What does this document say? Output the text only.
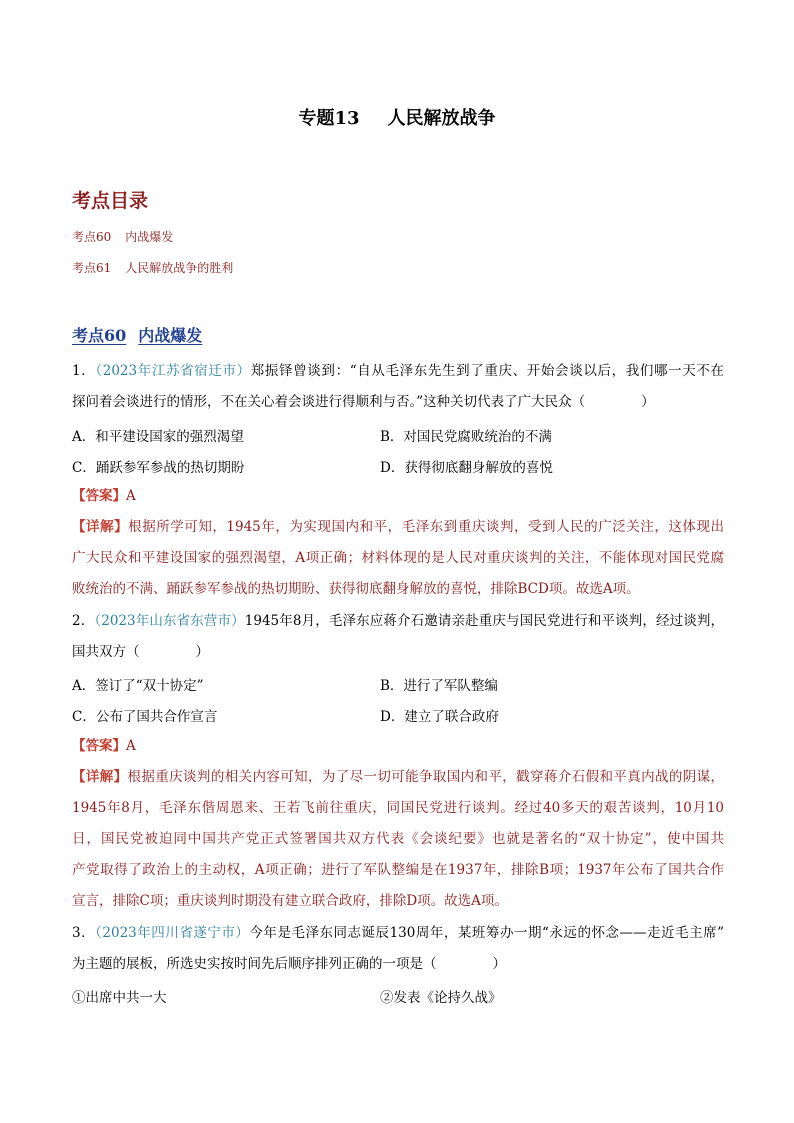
专题13 人民解放战争
考点目录
考点60 内战爆发
考点61 人民解放战争的胜利
考点60 内战爆发
1．（2023年江苏省宿迁市）郑振铎曾谈到：“自从毛泽东先生到了重庆、开始会谈以后，我们哪一天不在
探问着会谈进行的情形，不在关心着会谈进行得顺利与否。”这种关切代表了广大民众（	）
A．和平建设国家的强烈渴望	B．对国民党腐败统治的不满
C．踊跃参军参战的热切期盼	D．获得彻底翻身解放的喜悦
【答案】A
【详解】根据所学可知，1945年，为实现国内和平，毛泽东到重庆谈判，受到人民的广泛关注，这体现出
广大民众和平建设国家的强烈渴望，A项正确；材料体现的是人民对重庆谈判的关注，不能体现对国民党腐
败统治的不满、踊跃参军参战的热切期盼、获得彻底翻身解放的喜悦，排除BCD项。故选A项。
2．（2023年山东省东营市）1945年8月，毛泽东应蒋介石邀请亲赴重庆与国民党进行和平谈判，经过谈判，
国共双方（	）
A．签订了“双十协定”	B．进行了军队整编
C．公布了国共合作宣言	D．建立了联合政府
【答案】A
【详解】根据重庆谈判的相关内容可知，为了尽一切可能争取国内和平，戳穿蒋介石假和平真内战的阴谋，
1945年8月，毛泽东偕周恩来、王若飞前往重庆，同国民党进行谈判。经过40多天的艰苦谈判，10月10
日，国民党被迫同中国共产党正式签署国共双方代表《会谈纪要》也就是著名的“双十协定”，使中国共
产党取得了政治上的主动权，A项正确；进行了军队整编是在1937年，排除B项；1937年公布了国共合作
宣言，排除C项；重庆谈判时期没有建立联合政府，排除D项。故选A项。
3．（2023年四川省遂宁市）今年是毛泽东同志诞辰130周年，某班筹办一期“永远的怀念——走近毛主席”
为主题的展板，所选史实按时间先后顺序排列正确的一项是（	）
①出席中共一大	②发表《论持久战》
